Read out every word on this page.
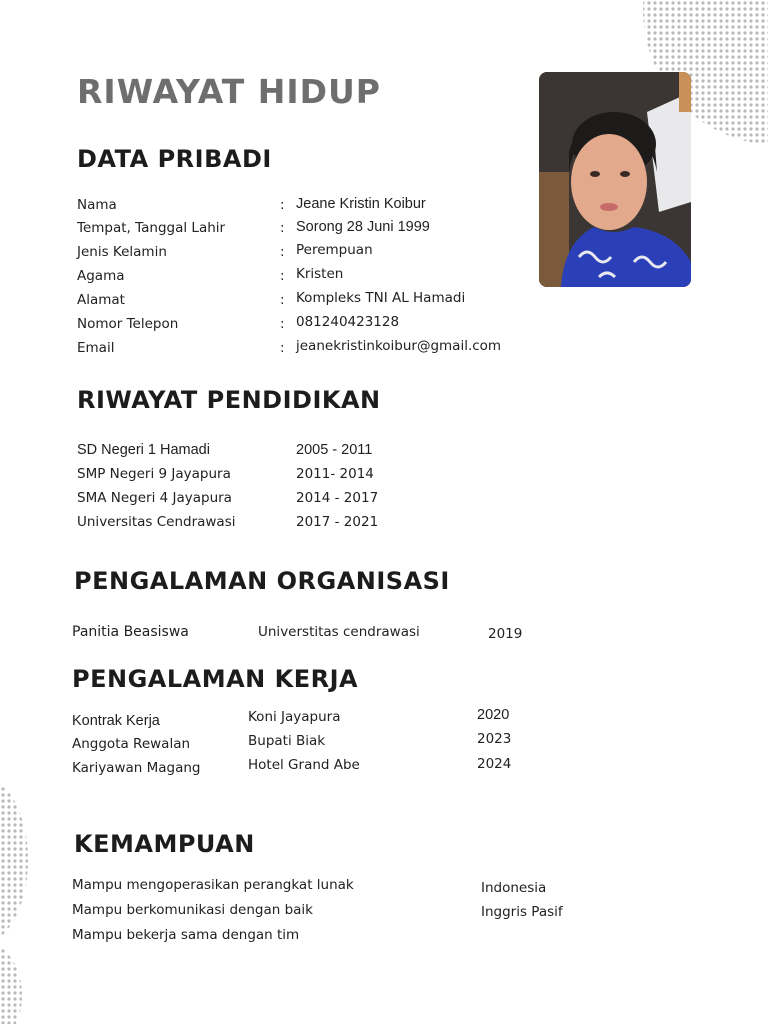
RIWAYAT HIDUP
DATA PRIBADI
Nama	: Jeane Kristin Koibur
Tempat, Tanggal Lahir	: Sorong 28 Juni 1999
Jenis Kelamin	: Perempuan
Agama	: Kristen
Alamat	: Kompleks TNI AL Hamadi
Nomor Telepon	: 081240423128
Email	: jeanekristinkoibur@gmail.com
RIWAYAT PENDIDIKAN
SD Negeri 1 Hamadi	2005 - 2011
SMP Negeri 9 Jayapura	2011- 2014
SMA Negeri 4 Jayapura	2014 - 2017
Universitas Cendrawasi	2017 - 2021
PENGALAMAN ORGANISASI
Panitia Beasiswa	Universtitas cendrawasi	2019
PENGALAMAN KERJA
Kontrak Kerja	Koni Jayapura	2020
Anggota Rewalan	Bupati Biak	2023
Kariyawan Magang	Hotel Grand Abe	2024
KEMAMPUAN
Mampu mengoperasikan perangkat lunak
Mampu berkomunikasi dengan baik
Mampu bekerja sama dengan tim
Indonesia
Inggris Pasif
